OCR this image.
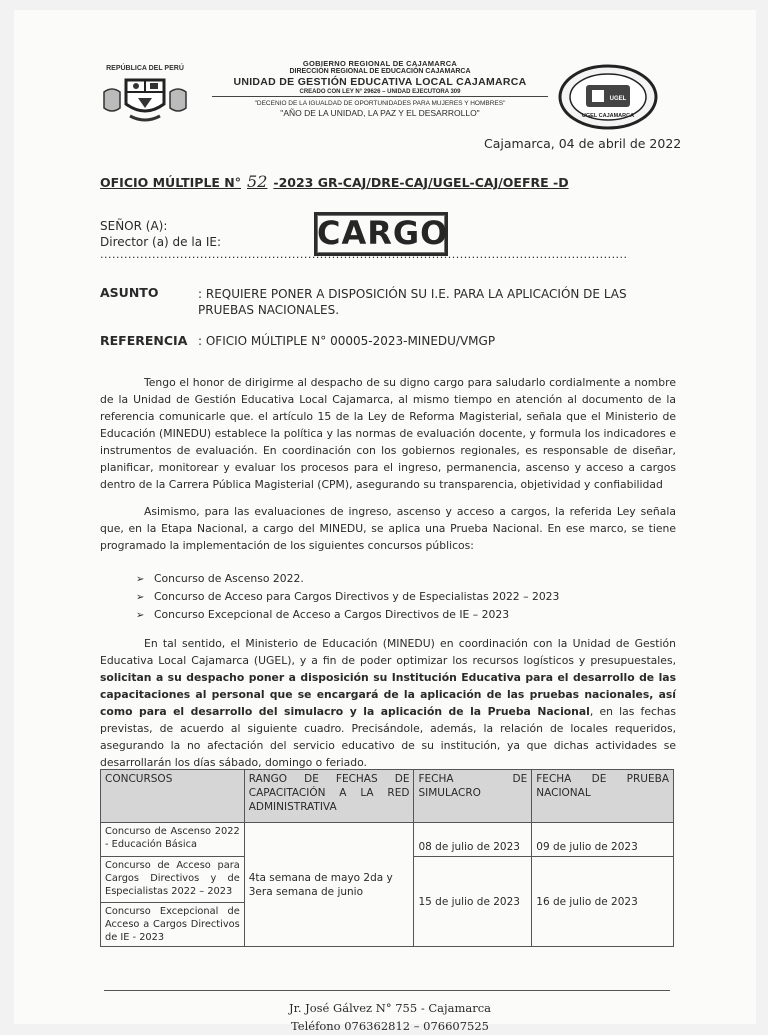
REPÚBLICA DEL PERÚ
UGEL
UGEL CAJAMARCA
GOBIERNO REGIONAL DE CAJAMARCA
DIRECCIÓN REGIONAL DE EDUCACIÓN CAJAMARCA
UNIDAD DE GESTIÓN EDUCATIVA LOCAL CAJAMARCA
CREADO CON LEY N° 29626 – UNIDAD EJECUTORA 309
"DECENIO DE LA IGUALDAD DE OPORTUNIDADES PARA MUJERES Y HOMBRES"
"AÑO DE LA UNIDAD, LA PAZ Y EL DESARROLLO"
Cajamarca, 04 de abril de 2022
OFICIO MÚLTIPLE N° 52 -2023 GR-CAJ/DRE-CAJ/UGEL-CAJ/OEFRE -D
SEÑOR (A):
Director (a) de la IE:
....................................................................................................................................
CARGO
ASUNTO	: REQUIERE PONER A DISPOSICIÓN SU I.E. PARA LA APLICACIÓN DE LAS PRUEBAS NACIONALES.
REFERENCIA : OFICIO MÚLTIPLE N° 00005-2023-MINEDU/VMGP

Tengo el honor de dirigirme al despacho de su digno cargo para saludarlo cordialmente a nombre de la Unidad de Gestión Educativa Local Cajamarca, al mismo tiempo en atención al documento de la referencia comunicarle que. el artículo 15 de la Ley de Reforma Magisterial, señala que el Ministerio de Educación (MINEDU) establece la política y las normas de evaluación docente, y formula los indicadores e instrumentos de evaluación. En coordinación con los gobiernos regionales, es responsable de diseñar, planificar, monitorear y evaluar los procesos para el ingreso, permanencia, ascenso y acceso a cargos dentro de la Carrera Pública Magisterial (CPM), asegurando su transparencia, objetividad y confiabilidad

Asimismo, para las evaluaciones de ingreso, ascenso y acceso a cargos, la referida Ley señala que, en la Etapa Nacional, a cargo del MINEDU, se aplica una Prueba Nacional. En ese marco, se tiene programado la implementación de los siguientes concursos públicos:

➢ Concurso de Ascenso 2022.
➢ Concurso de Acceso para Cargos Directivos y de Especialistas 2022 – 2023
➢ Concurso Excepcional de Acceso a Cargos Directivos de IE – 2023

En tal sentido, el Ministerio de Educación (MINEDU) en coordinación con la Unidad de Gestión Educativa Local Cajamarca (UGEL), y a fin de poder optimizar los recursos logísticos y presupuestales, solicitan a su despacho poner a disposición su Institución Educativa para el desarrollo de las capacitaciones al personal que se encargará de la aplicación de las pruebas nacionales, así como para el desarrollo del simulacro y la aplicación de la Prueba Nacional, en las fechas previstas, de acuerdo al siguiente cuadro. Precisándole, además, la relación de locales requeridos, asegurando la no afectación del servicio educativo de su institución, ya que dichas actividades se desarrollarán los días sábado, domingo o feriado.

CONCURSOS	RANGO DE FECHAS DE CAPACITACIÓN A LA RED ADMINISTRATIVA	FECHA DE SIMULACRO	FECHA DE PRUEBA NACIONAL
Concurso de Ascenso 2022 - Educación Básica	4ta semana de mayo 2da y 3era semana de junio	08 de julio de 2023	09 de julio de 2023
Concurso de Acceso para Cargos Directivos y de Especialistas 2022 – 2023		15 de julio de 2023	16 de julio de 2023
Concurso Excepcional de Acceso a Cargos Directivos de IE - 2023			
Jr. José Gálvez N° 755 - Cajamarca
Teléfono 076362812 – 076607525
